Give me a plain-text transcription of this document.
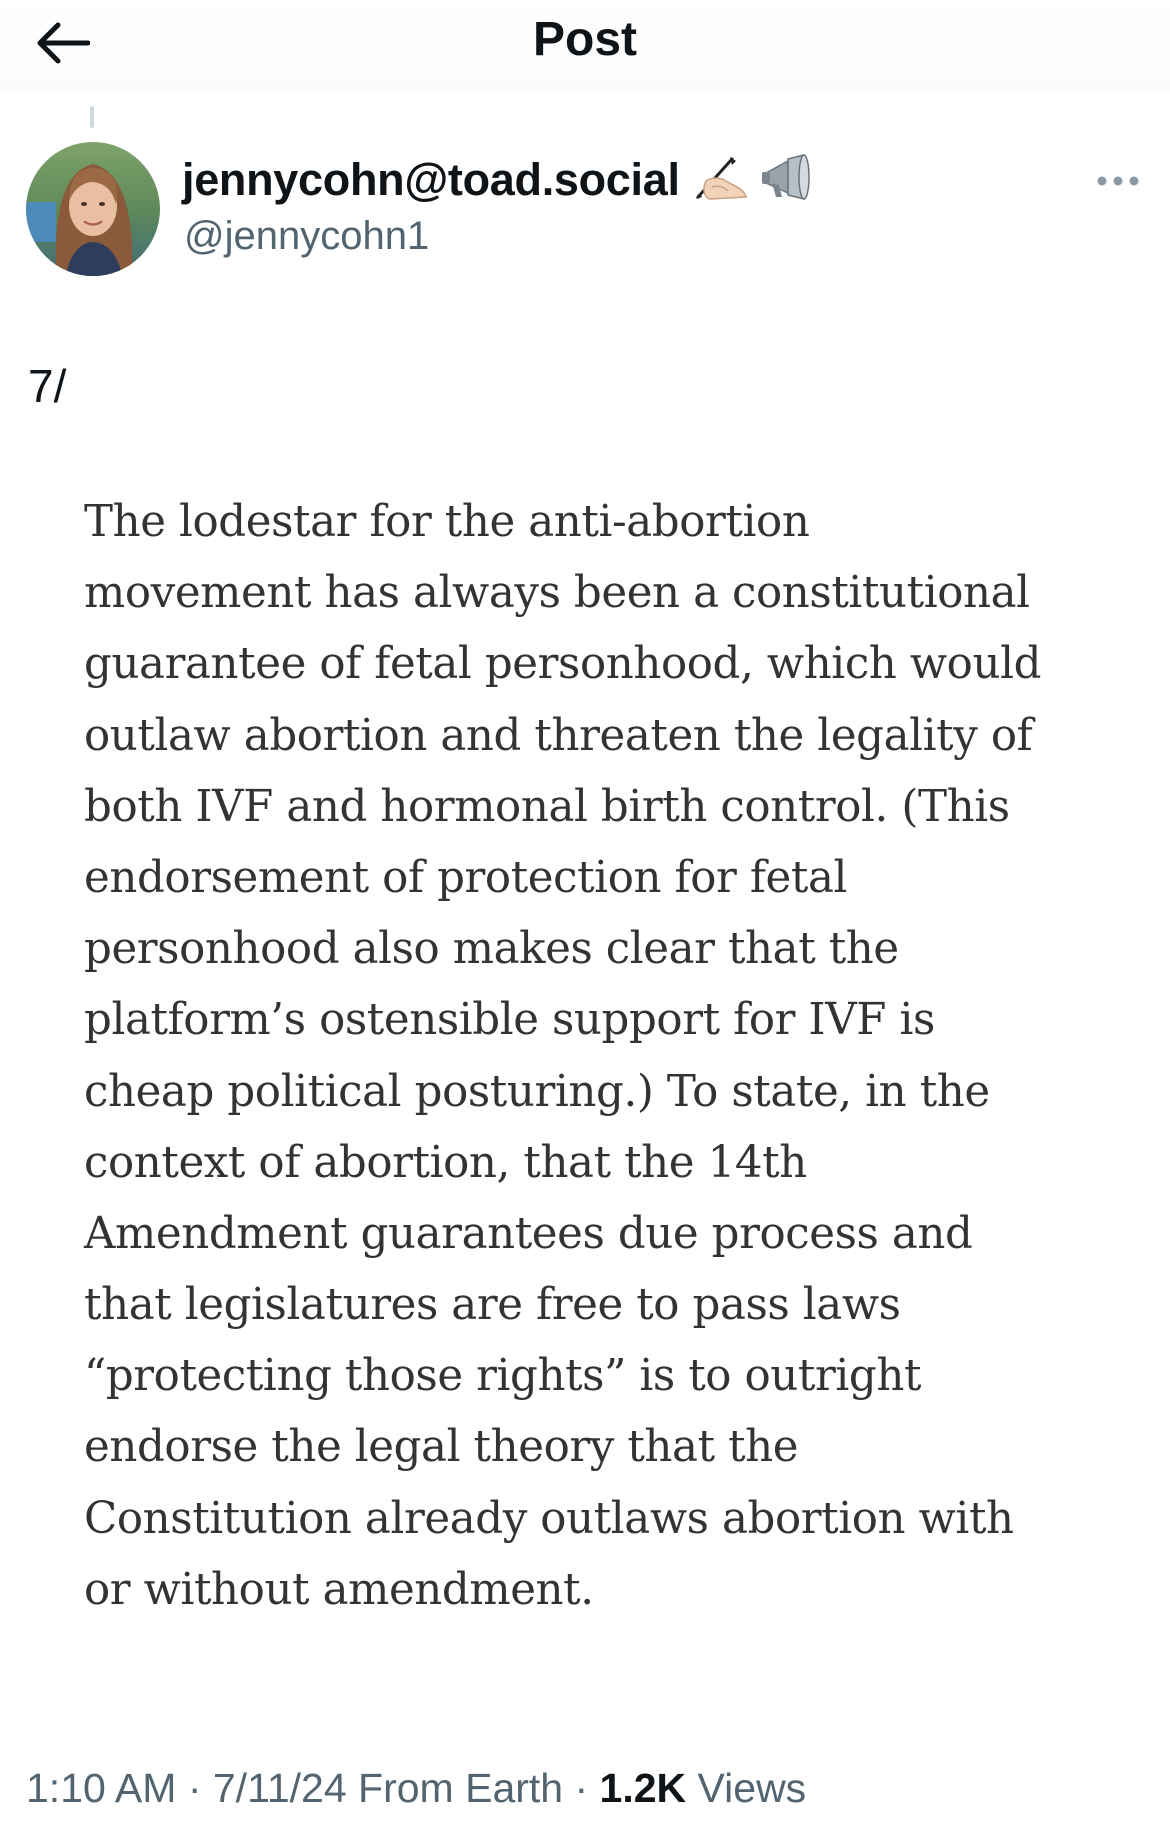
Post
jennycohn@toad.social
@jennycohn1
7/
The lodestar for the anti-abortion
movement has always been a constitutional
guarantee of fetal personhood, which would
outlaw abortion and threaten the legality of
both IVF and hormonal birth control. (This
endorsement of protection for fetal
personhood also makes clear that the
platform’s ostensible support for IVF is
cheap political posturing.) To state, in the
context of abortion, that the 14th
Amendment guarantees due process and
that legislatures are free to pass laws
“protecting those rights” is to outright
endorse the legal theory that the
Constitution already outlaws abortion with
or without amendment.
1:10 AM · 7/11/24 From Earth · 1.2K Views
